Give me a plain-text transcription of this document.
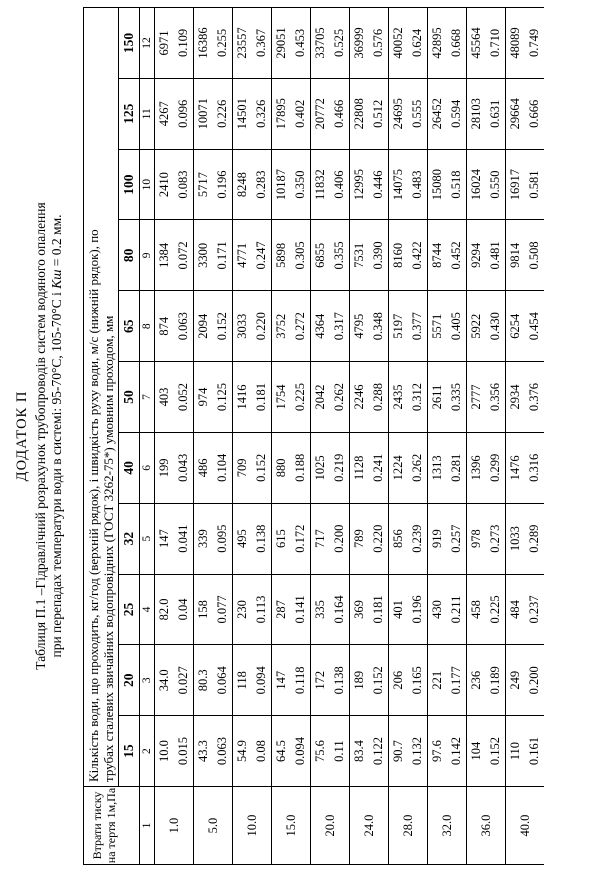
ДОДАТОК П Таблиця П.1 –Гідравлічний розрахунок трубопроводів систем водяного опалення при перепадах температури води в системі: 95-70°С, 105-70°С і Кш = 0.2 мм.
Втрати тиску на тертя 1м,Па	Кількість води, що проходить, кг/год (верхній рядок), і швидкість руху води, м/с (нижній рядок), по трубах сталевих звичайних водопровідних (ГОСТ 3262-75*) умовним проходом, мм										

	15	20	25	32	40	50	65	80	100	125	150
1	2	3	4	5	6	7	8	9	10	11	12
1.0	10.0	34.0	82.0	147	199	403	874	1384	2410	4267	6971
	0.015	0.027	0.04	0.041	0.043	0.052	0.063	0.072	0.083	0.096	0.109
5.0	43.3	80.3	158	339	486	974	2094	3300	5717	10071	16386
	0.063	0.064	0.077	0.095	0.104	0.125	0.152	0.171	0.196	0.226	0.255
10.0	54.9	118	230	495	709	1416	3033	4771	8248	14501	23557
	0.08	0.094	0.113	0.138	0.152	0.181	0.220	0.247	0.283	0.326	0.367
15.0	64.5	147	287	615	880	1754	3752	5898	10187	17895	29051
	0.094	0.118	0.141	0.172	0.188	0.225	0.272	0.305	0.350	0.402	0.453
20.0	75.6	172	335	717	1025	2042	4364	6855	11832	20772	33705
	0.11	0.138	0.164	0.200	0.219	0.262	0.317	0.355	0.406	0.466	0.525
24.0	83.4	189	369	789	1128	2246	4795	7531	12995	22808	36999
	0.122	0.152	0.181	0.220	0.241	0.288	0.348	0.390	0.446	0.512	0.576
28.0	90.7	206	401	856	1224	2435	5197	8160	14075	24695	40052
	0.132	0.165	0.196	0.239	0.262	0.312	0.377	0.422	0.483	0.555	0.624
32.0	97.6	221	430	919	1313	2611	5571	8744	15080	26452	42895
	0.142	0.177	0.211	0.257	0.281	0.335	0.405	0.452	0.518	0.594	0.668
36.0	104	236	458	978	1396	2777	5922	9294	16024	28103	45564
	0.152	0.189	0.225	0.273	0.299	0.356	0.430	0.481	0.550	0.631	0.710
40.0	110	249	484	1033	1476	2934	6254	9814	16917	29664	48089
	0.161	0.200	0.237	0.289	0.316	0.376	0.454	0.508	0.581	0.666	0.749
